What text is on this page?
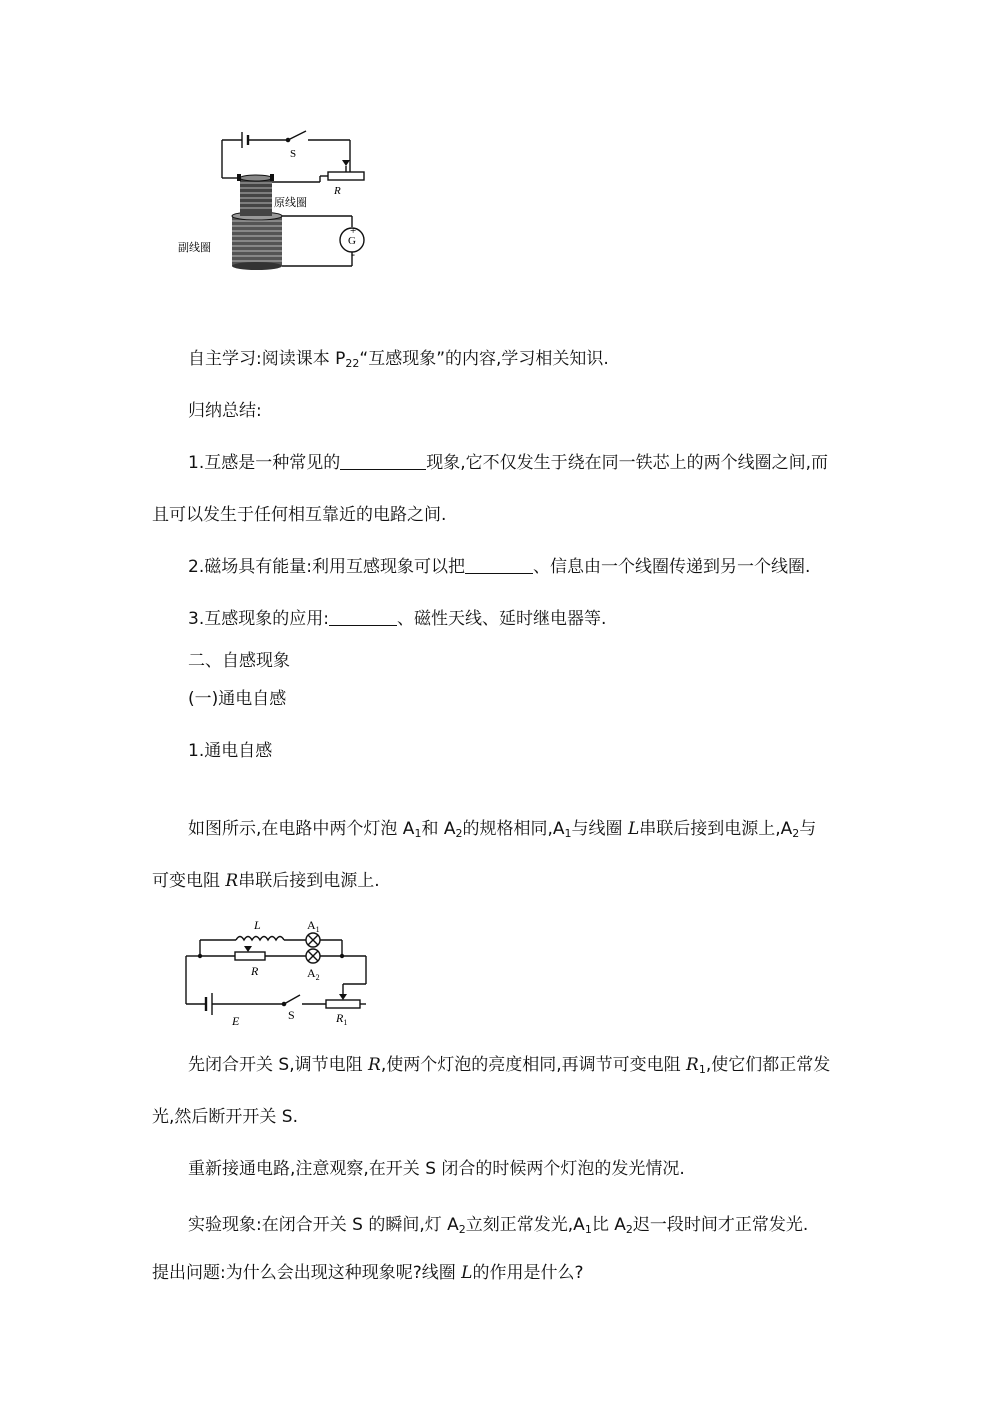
S
R
原线圈
副线圈
G
+
-
自主学习:阅读课本 $P_{22}“$互感现象”的内容,学习相关知识.
归纳总结:
1.互感是一种常见的	现象,它不仅发生于绕在同一铁芯上的两个线圈之间,而
且可以发生于任何相互靠近的电路之间.
2.磁场具有能量:利用互感现象可以把	、信息由一个线圈传递到另一个线圈.
3.互感现象的应用:	、磁性天线、延时继电器等.
二、自感现象
(一)通电自感
1.通电自感
如图所示,在电路中两个灯泡 $A_1$和 $A_2$的规格相同$,A_1$与线圈 L串联后接到电源上$,A_2$与
可变电阻 R串联后接到电源上.
L	$A_1$
R	$A_2$
E	S	$R_1$
先闭合开关 S,调节电阻 R,使两个灯泡的亮度相同,再调节可变电阻 $R_1$,使它们都正常发
光,然后断开开关 S.
重新接通电路,注意观察,在开关 S 闭合的时候两个灯泡的发光情况.
实验现象:在闭合开关 S 的瞬间,灯 $A_2$立刻正常发光$,A_1$比 $A_2$迟一段时间才正常发光.
提出问题:为什么会出现这种现象呢?线圈 L的作用是什么?
